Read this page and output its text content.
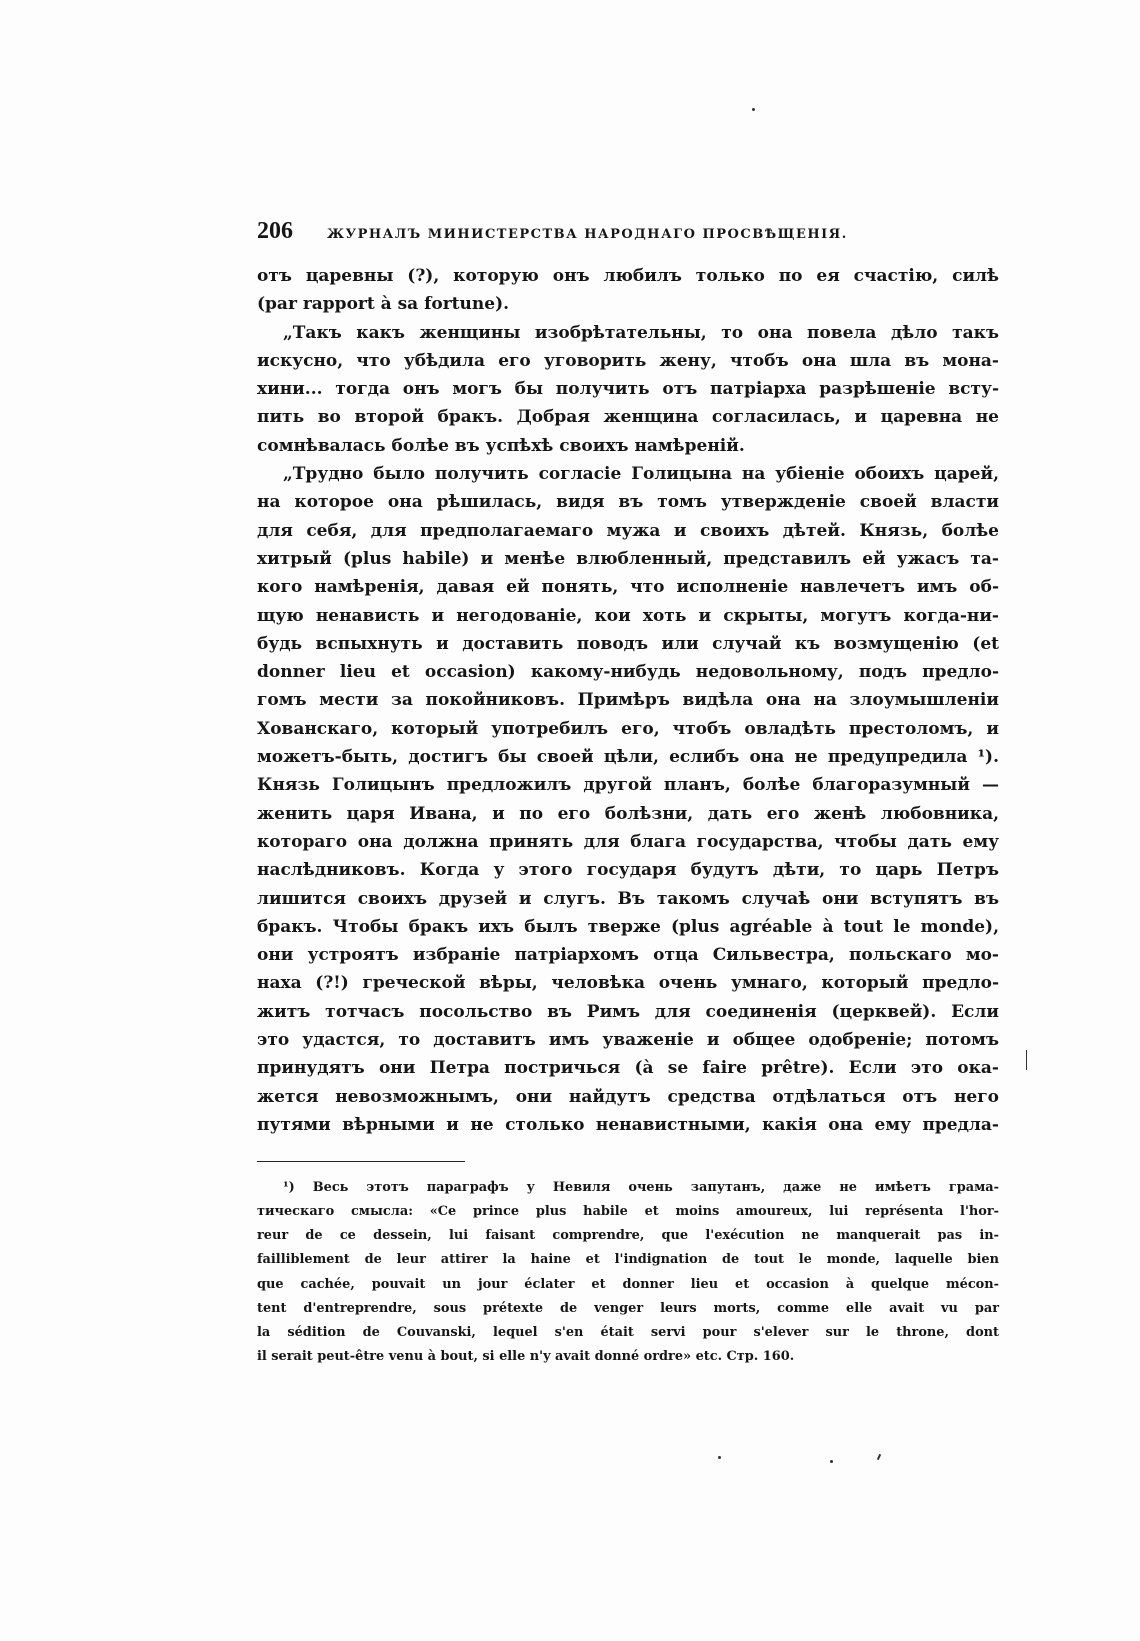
206	ЖУРНАЛЪ МИНИСТЕРСТВА НАРОДНАГО ПРОСВѢЩЕНІЯ.
отъ царевны (?), которую онъ любилъ только по ея счастію, силѣ
(par rapport à sa fortune).
„Такъ какъ женщины изобрѣтательны, то она повела дѣло такъ
искусно, что убѣдила его уговорить жену, чтобъ она шла въ мона-
хини... тогда онъ могъ бы получить отъ патріарха разрѣшеніе всту-
пить во второй бракъ. Добрая женщина согласилась, и царевна не
сомнѣвалась болѣе въ успѣхѣ своихъ намѣреній.
„Трудно было получить согласіе Голицына на убіеніе обоихъ царей,
на которое она рѣшилась, видя въ томъ утвержденіе своей власти
для себя, для предполагаемаго мужа и своихъ дѣтей. Князь, болѣе
хитрый (plus habile) и менѣе влюбленный, представилъ ей ужасъ та-
кого намѣренія, давая ей понять, что исполненіе навлечетъ имъ об-
щую ненависть и негодованіе, кои хоть и скрыты, могутъ когда-ни-
будь вспыхнуть и доставить поводъ или случай къ возмущенію (et
donner lieu et occasion) какому-нибудь недовольному, подъ предло-
гомъ мести за покойниковъ. Примѣръ видѣла она на злоумышленіи
Хованскаго, который употребилъ его, чтобъ овладѣть престоломъ, и
можетъ-быть, достигъ бы своей цѣли, еслибъ она не предупредила ¹).
Князь Голицынъ предложилъ другой планъ, болѣе благоразумный —
женить царя Ивана, и по его болѣзни, дать его женѣ любовника,
котораго она должна принять для блага государства, чтобы дать ему
наслѣдниковъ. Когда у этого государя будутъ дѣти, то царь Петръ
лишится своихъ друзей и слугъ. Въ такомъ случаѣ они вступятъ въ
бракъ. Чтобы бракъ ихъ былъ тверже (plus agréable à tout le monde),
они устроятъ избраніе патріархомъ отца Сильвестра, польскаго мо-
наха (?!) греческой вѣры, человѣка очень умнаго, который предло-
житъ тотчасъ посольство въ Римъ для соединенія (церквей). Если
это удастся, то доставитъ имъ уваженіе и общее одобреніе; потомъ
принудятъ они Петра постричься (à se faire prêtre). Если это ока-
жется невозможнымъ, они найдутъ средства отдѣлаться отъ него
путями вѣрными и не столько ненавистными, какія она ему предла-
¹) Весь этотъ параграфъ у Невиля очень запутанъ, даже не имѣетъ грама-
тическаго смысла: «Ce prince plus habile et moins amoureux, lui représenta l'hor-
reur de ce dessein, lui faisant comprendre, que l'exécution ne manquerait pas in-
failliblement de leur attirer la haine et l'indignation de tout le monde, laquelle bien
que cachée, pouvait un jour éclater et donner lieu et occasion à quelque mécon-
tent d'entreprendre, sous prétexte de venger leurs morts, comme elle avait vu par
la sédition de Couvanski, lequel s'en était servi pour s'elever sur le throne, dont
il serait peut-être venu à bout, si elle n'y avait donné ordre» etc. Стр. 160.
